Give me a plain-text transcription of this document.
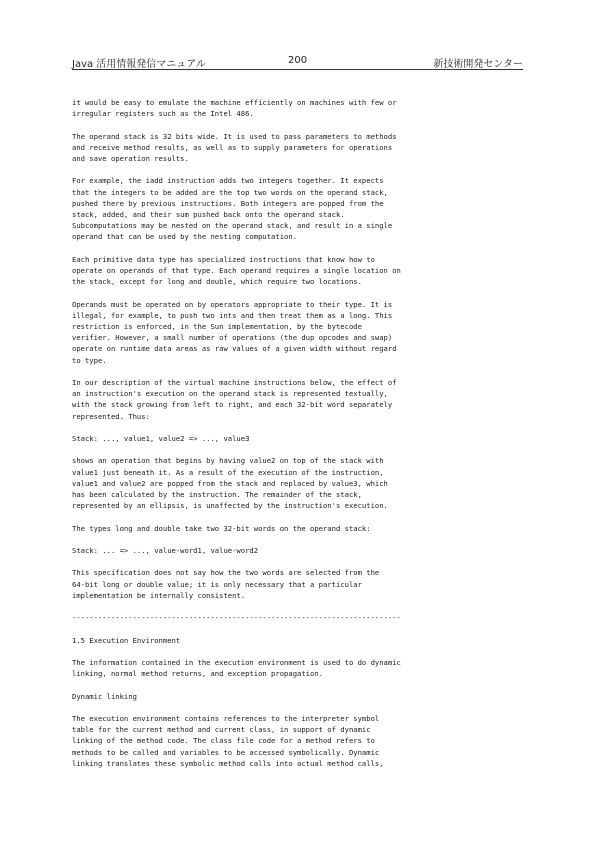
Java 活用情報発信マニュアル	200	新技術開発センター

it would be easy to emulate the machine efficiently on machines with few or
irregular registers such as the Intel 486.

The operand stack is 32 bits wide. It is used to pass parameters to methods
and receive method results, as well as to supply parameters for operations
and save operation results.

For example, the iadd instruction adds two integers together. It expects
that the integers to be added are the top two words on the operand stack,
pushed there by previous instructions. Both integers are popped from the
stack, added, and their sum pushed back onto the operand stack.
Subcomputations may be nested on the operand stack, and result in a single
operand that can be used by the nesting computation.

Each primitive data type has specialized instructions that know how to
operate on operands of that type. Each operand requires a single location on
the stack, except for long and double, which require two locations.

Operands must be operated on by operators appropriate to their type. It is
illegal, for example, to push two ints and then treat them as a long. This
restriction is enforced, in the Sun implementation, by the bytecode
verifier. However, a small number of operations (the dup opcodes and swap)
operate on runtime data areas as raw values of a given width without regard
to type.

In our description of the virtual machine instructions below, the effect of
an instruction's execution on the operand stack is represented textually,
with the stack growing from left to right, and each 32-bit word separately
represented. Thus:

Stack: ..., value1, value2 => ..., value3

shows an operation that begins by having value2 on top of the stack with
value1 just beneath it. As a result of the execution of the instruction,
value1 and value2 are popped from the stack and replaced by value3, which
has been calculated by the instruction. The remainder of the stack,
represented by an ellipsis, is unaffected by the instruction's execution.

The types long and double take two 32-bit words on the operand stack:

Stack: ... => ..., value-word1, value-word2

This specification does not say how the two words are selected from the
64-bit long or double value; it is only necessary that a particular
implementation be internally consistent.

----------------------------------------------------------------------------

1.5 Execution Environment

The information contained in the execution environment is used to do dynamic
linking, normal method returns, and exception propagation.

Dynamic linking

The execution environment contains references to the interpreter symbol
table for the current method and current class, in support of dynamic
linking of the method code. The class file code for a method refers to
methods to be called and variables to be accessed symbolically. Dynamic
linking translates these symbolic method calls into actual method calls,
